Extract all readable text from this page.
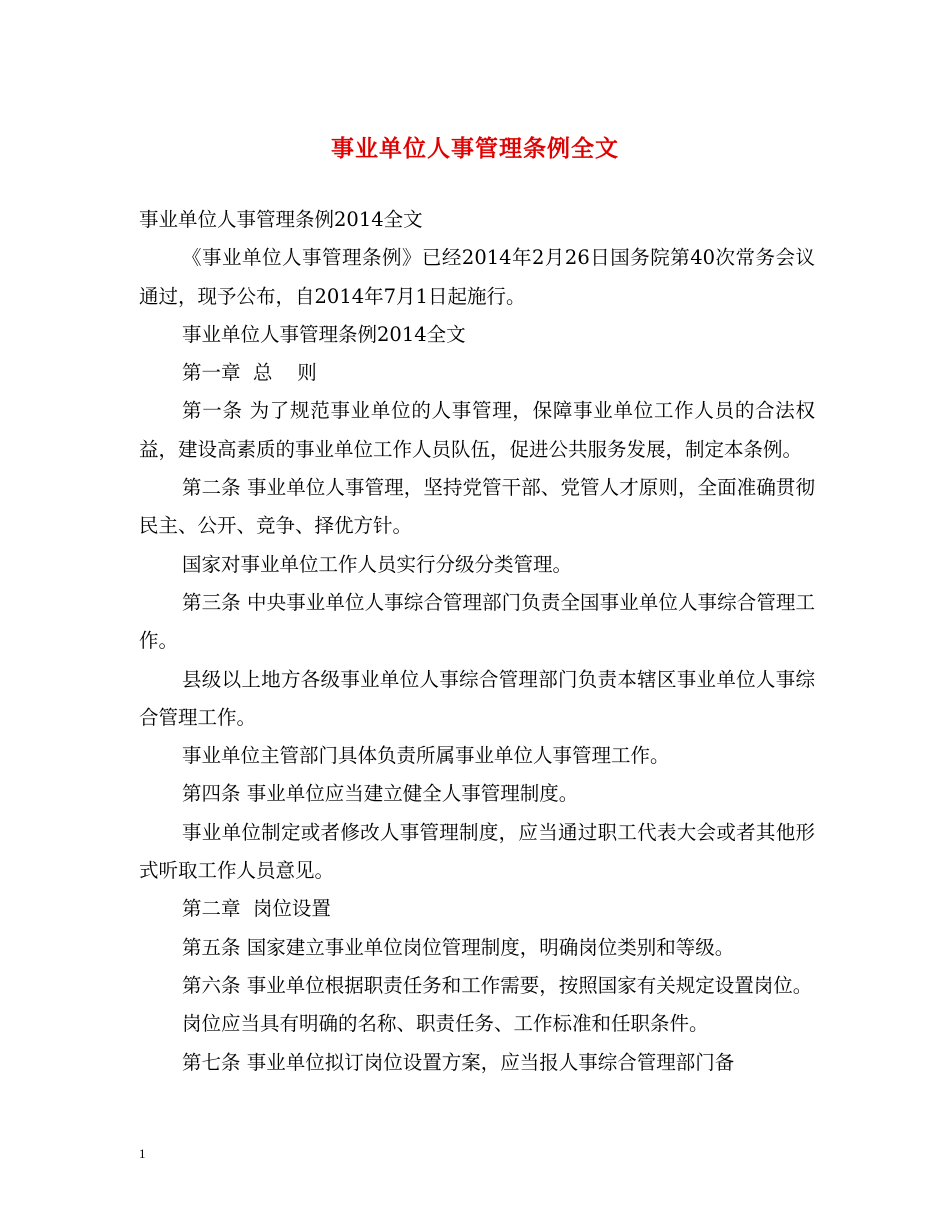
事业单位人事管理条例全文

事业单位人事管理条例2014全文

《事业单位人事管理条例》已经2014年2月26日国务院第40次常务会议通过，现予公布，自2014年7月1日起施行。

事业单位人事管理条例2014全文

第一章  总    则

第一条 为了规范事业单位的人事管理，保障事业单位工作人员的合法权益，建设高素质的事业单位工作人员队伍，促进公共服务发展，制定本条例。

第二条 事业单位人事管理，坚持党管干部、党管人才原则，全面准确贯彻民主、公开、竞争、择优方针。

国家对事业单位工作人员实行分级分类管理。

第三条 中央事业单位人事综合管理部门负责全国事业单位人事综合管理工作。

县级以上地方各级事业单位人事综合管理部门负责本辖区事业单位人事综合管理工作。

事业单位主管部门具体负责所属事业单位人事管理工作。

第四条 事业单位应当建立健全人事管理制度。

事业单位制定或者修改人事管理制度，应当通过职工代表大会或者其他形式听取工作人员意见。

第二章  岗位设置

第五条 国家建立事业单位岗位管理制度，明确岗位类别和等级。

第六条 事业单位根据职责任务和工作需要，按照国家有关规定设置岗位。

岗位应当具有明确的名称、职责任务、工作标准和任职条件。

第七条 事业单位拟订岗位设置方案，应当报人事综合管理部门备

1
